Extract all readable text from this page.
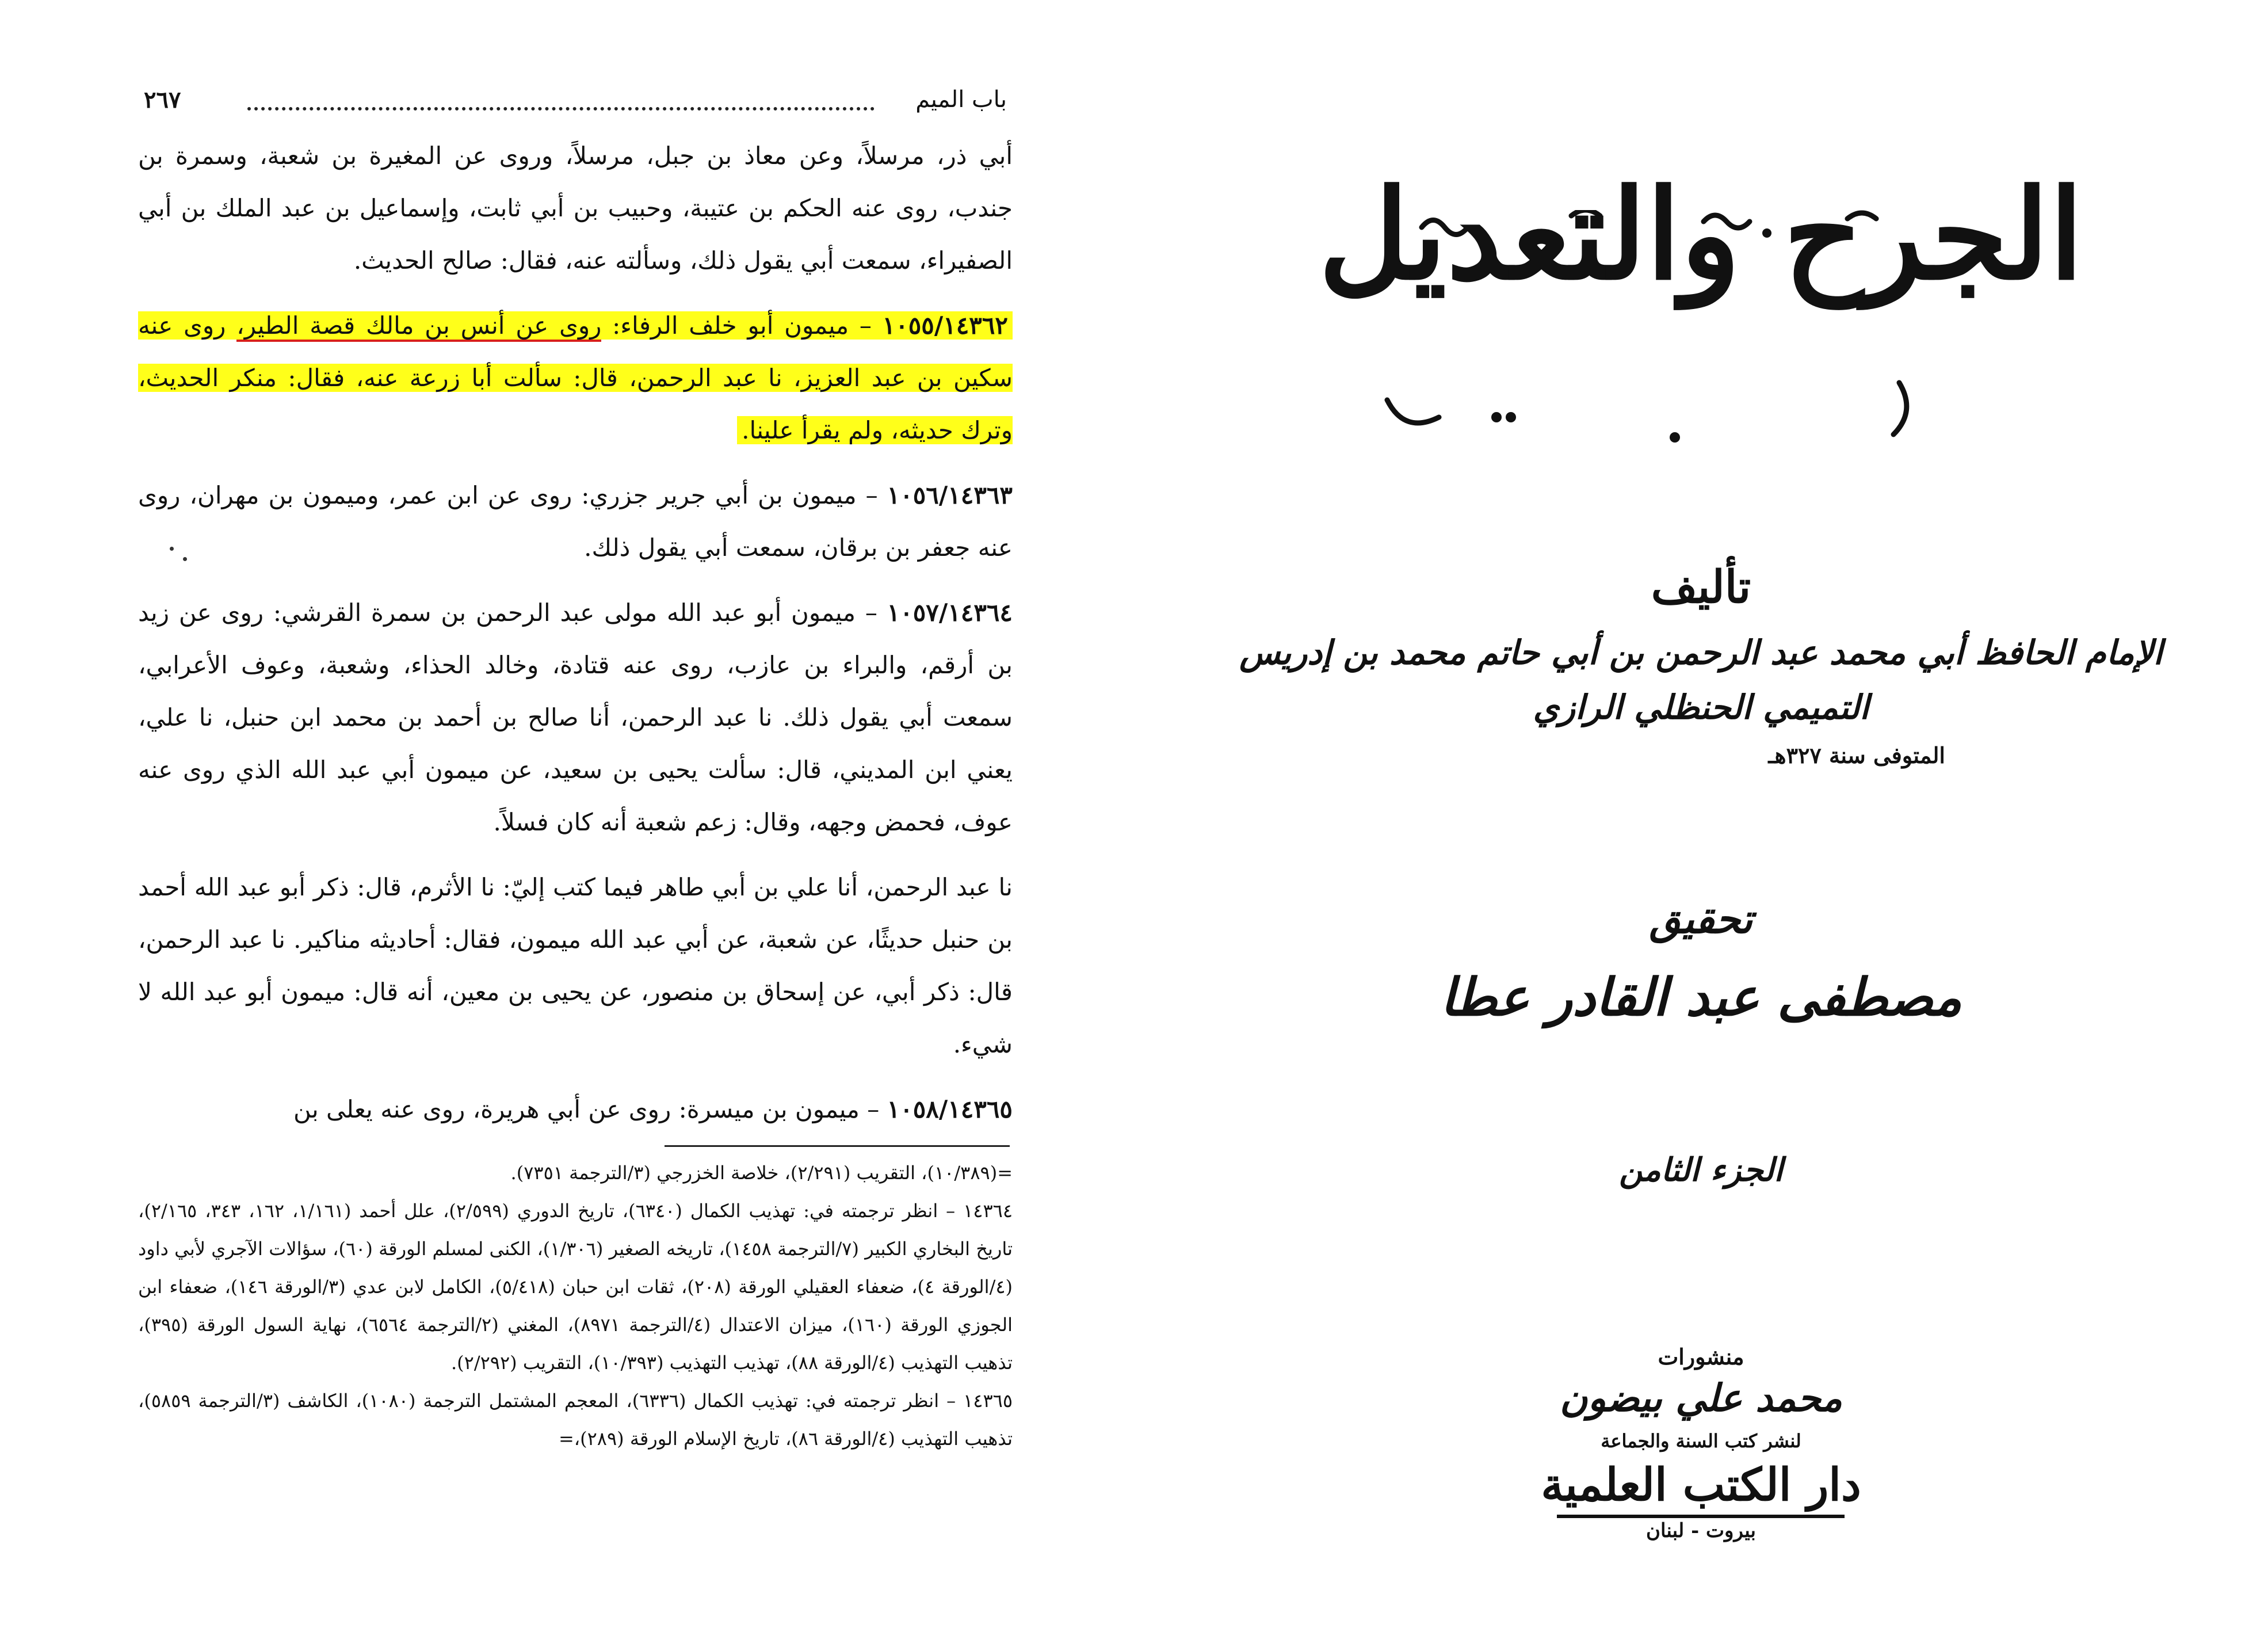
باب الميم
٢٦٧

أبي ذر، مرسلاً، وعن معاذ بن جبل، مرسلاً، وروى عن المغيرة بن شعبة، وسمرة بن جندب، روى عنه الحكم بن عتيبة، وحبيب بن أبي ثابت، وإسماعيل بن عبد الملك بن أبي الصفيراء، سمعت أبي يقول ذلك، وسألته عنه، فقال: صالح الحديث.

١٠٥٥/١٤٣٦٢ – ميمون أبو خلف الرفاء: روى عن أنس بن مالك قصة الطير، روى عنه سكين بن عبد العزيز، نا عبد الرحمن، قال: سألت أبا زرعة عنه، فقال: منكر الحديث، وترك حديثه، ولم يقرأ علينا.

١٠٥٦/١٤٣٦٣ – ميمون بن أبي جرير جزري: روى عن ابن عمر، وميمون بن مهران، روى عنه جعفر بن برقان، سمعت أبي يقول ذلك.

١٠٥٧/١٤٣٦٤ – ميمون أبو عبد الله مولى عبد الرحمن بن سمرة القرشي: روى عن زيد بن أرقم، والبراء بن عازب، روى عنه قتادة، وخالد الحذاء، وشعبة، وعوف الأعرابي، سمعت أبي يقول ذلك. نا عبد الرحمن، أنا صالح بن أحمد بن محمد ابن حنبل، نا علي، يعني ابن المديني، قال: سألت يحيى بن سعيد، عن ميمون أبي عبد الله الذي روى عنه عوف، فحمض وجهه، وقال: زعم شعبة أنه كان فسلاً.

نا عبد الرحمن، أنا علي بن أبي طاهر فيما كتب إليّ: نا الأثرم، قال: ذكر أبو عبد الله أحمد بن حنبل حديثًا، عن شعبة، عن أبي عبد الله ميمون، فقال: أحاديثه مناكير. نا عبد الرحمن، قال: ذكر أبي، عن إسحاق بن منصور، عن يحيى بن معين، أنه قال: ميمون أبو عبد الله لا شيء.

١٠٥٨/١٤٣٦٥ – ميمون بن ميسرة: روى عن أبي هريرة، روى عنه يعلى بن

=(١٠/٣٨٩)، التقريب (٢/٢٩١)، خلاصة الخزرجي (٣/الترجمة ٧٣٥١).

١٤٣٦٤ – انظر ترجمته في: تهذيب الكمال (٦٣٤٠)، تاريخ الدوري (٢/٥٩٩)، علل أحمد (١/١٦١، ١٦٢، ٣٤٣، ٢/١٦٥)، تاريخ البخاري الكبير (٧/الترجمة ١٤٥٨)، تاريخه الصغير (١/٣٠٦)، الكنى لمسلم الورقة (٦٠)، سؤالات الآجري لأبي داود (٤/الورقة ٤)، ضعفاء العقيلي الورقة (٢٠٨)، ثقات ابن حبان (٥/٤١٨)، الكامل لابن عدي (٣/الورقة ١٤٦)، ضعفاء ابن الجوزي الورقة (١٦٠)، ميزان الاعتدال (٤/الترجمة ٨٩٧١)، المغني (٢/الترجمة ٦٥٦٤)، نهاية السول الورقة (٣٩٥)، تذهيب التهذيب (٤/الورقة ٨٨)، تهذيب التهذيب (١٠/٣٩٣)، التقريب (٢/٢٩٢).

١٤٣٦٥ – انظر ترجمته في: تهذيب الكمال (٦٣٣٦)، المعجم المشتمل الترجمة (١٠٨٠)، الكاشف (٣/الترجمة ٥٨٥٩)، تذهيب التهذيب (٤/الورقة ٨٦)، تاريخ الإسلام الورقة (٢٨٩)،=

الجرح والتعديل
تأليف
الإمام الحافظ أبي محمد عبد الرحمن بن أبي حاتم محمد بن إدريس
التميمي الحنظلي الرازي
المتوفى سنة ٣٢٧هـ
تحقيق
مصطفى عبد القادر عطا
الجزء الثامن
منشورات
محمد علي بيضون
لنشر كتب السنة والجماعة
دار الكتب العلمية
بيروت - لبنان
